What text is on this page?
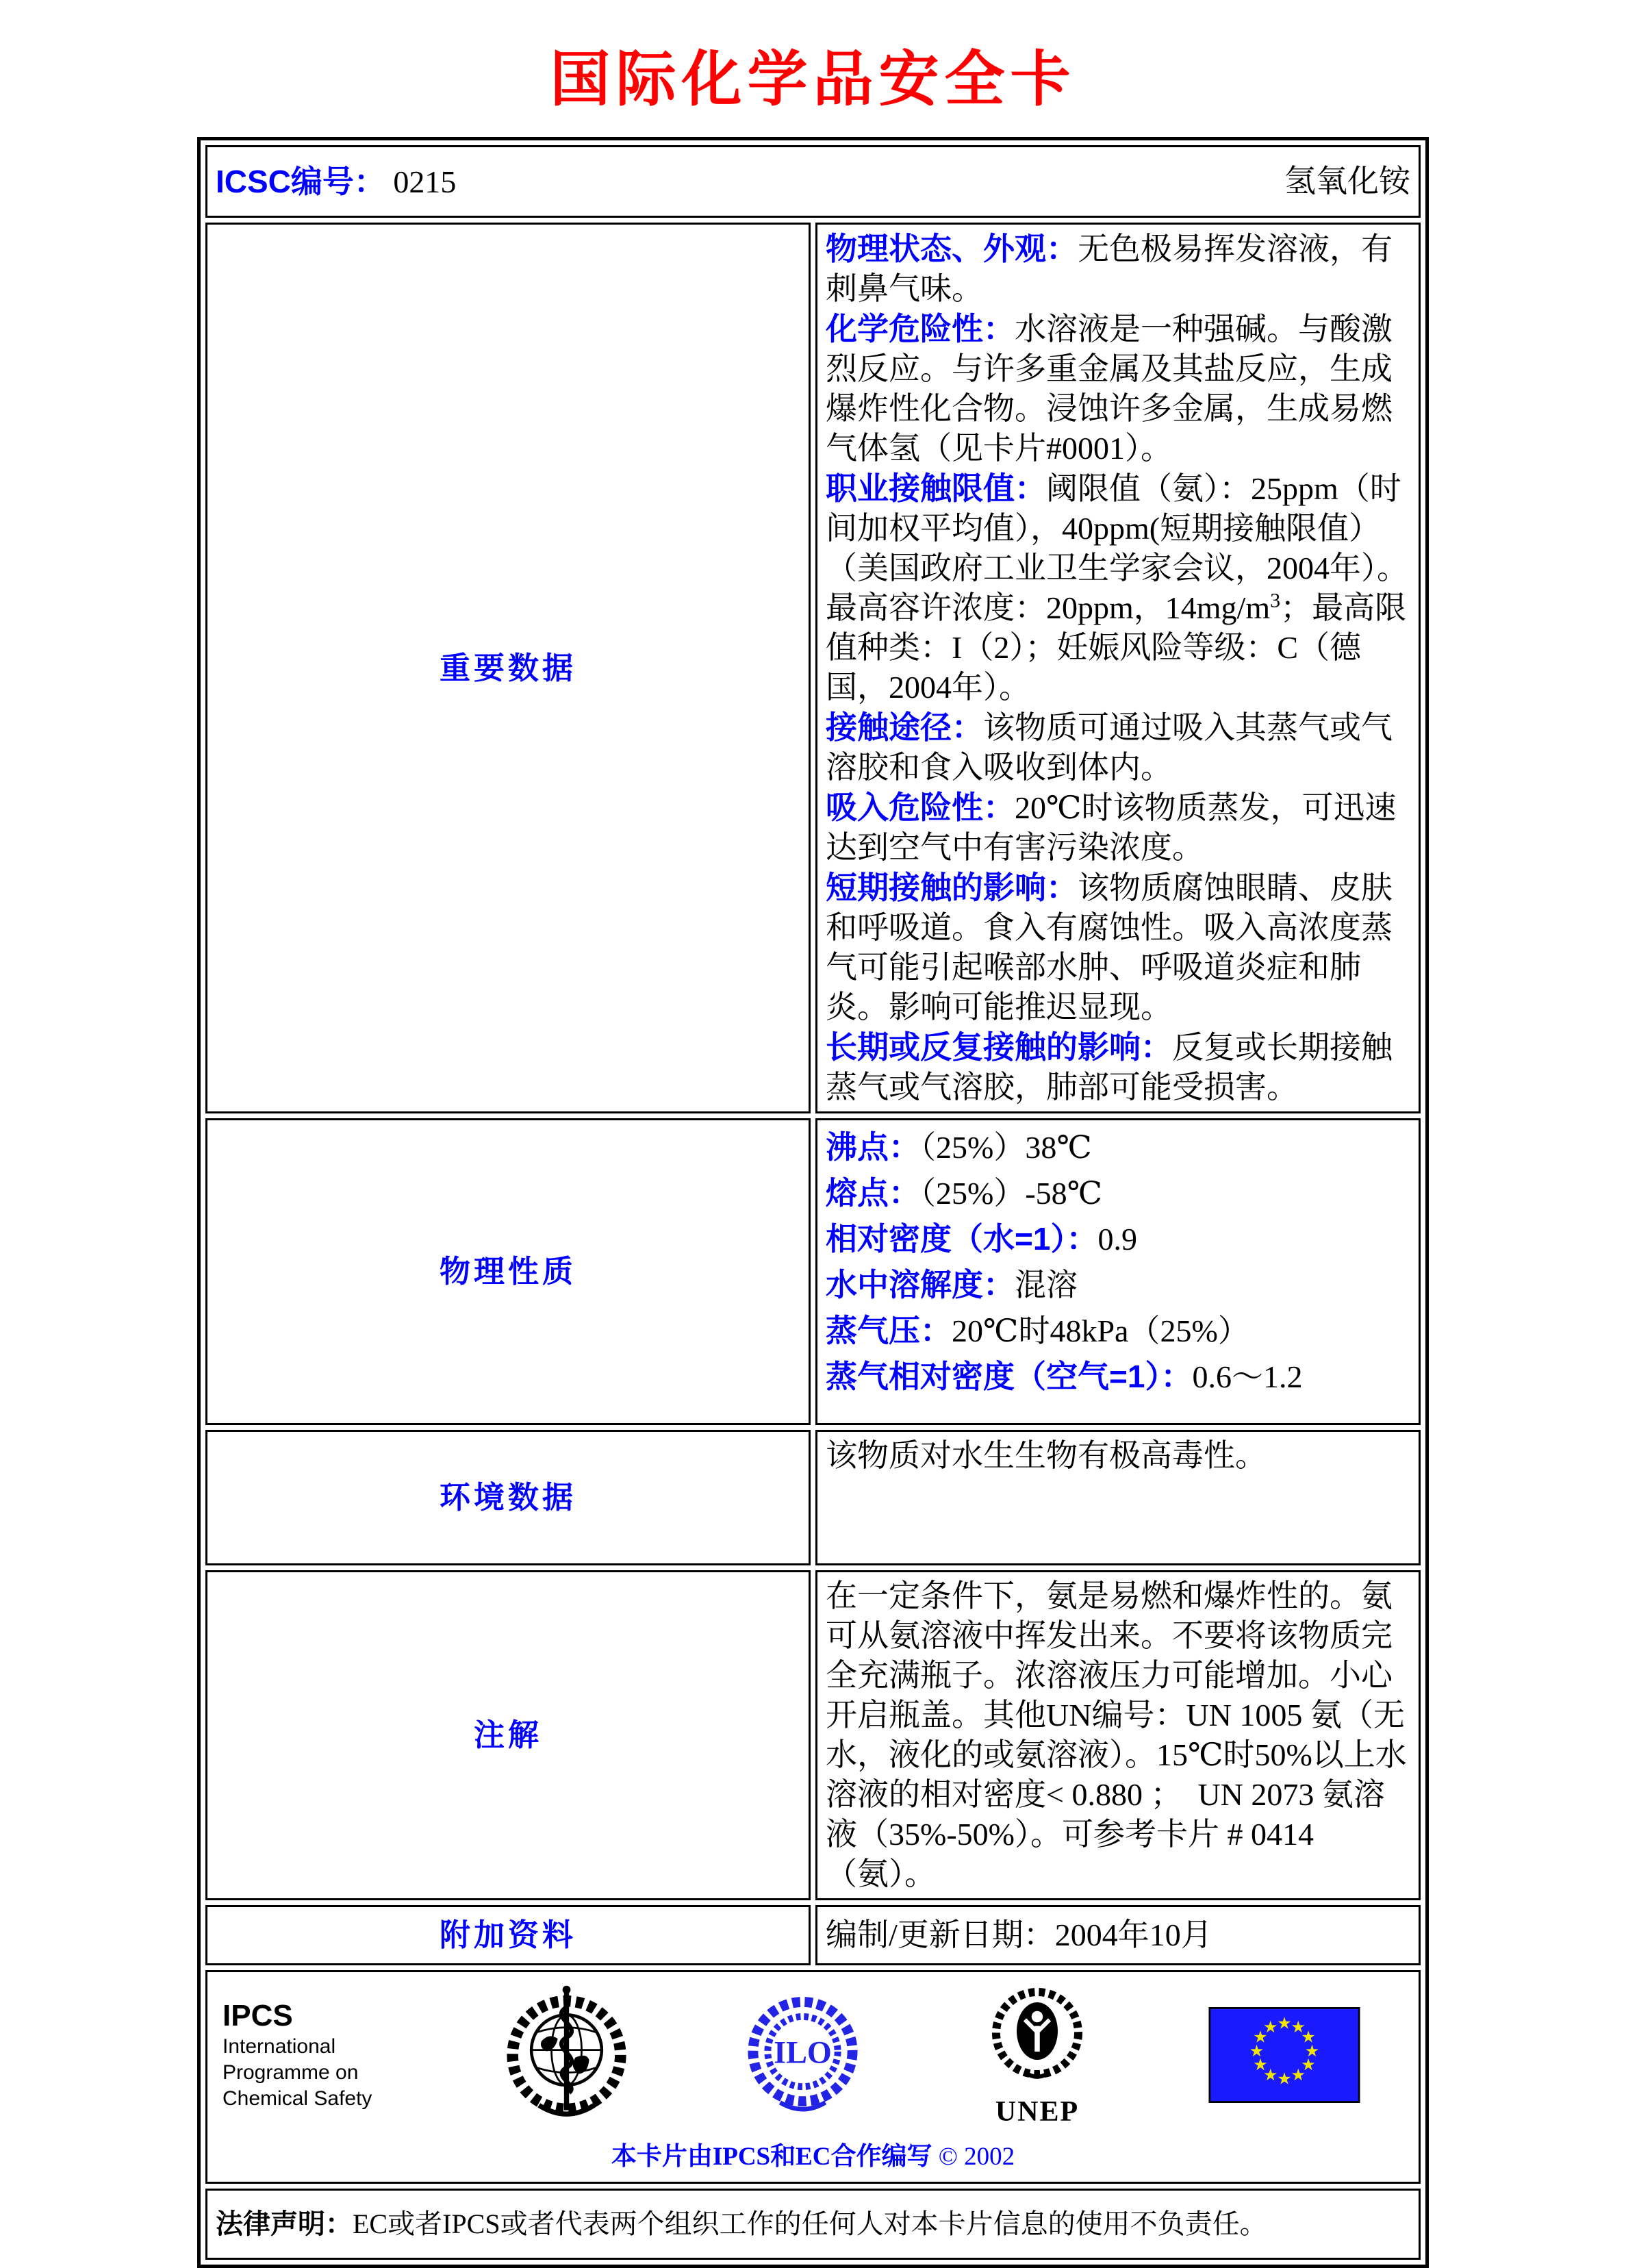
国际化学品安全卡
ICSC编号： 0215 氢氧化铵	

重要数据	
物理状态、外观：无色极易挥发溶液，有刺鼻气味。
化学危险性：水溶液是一种强碱。与酸激烈反应。与许多重金属及其盐反应，生成爆炸性化合物。浸蚀许多金属，生成易燃气体氢（见卡片#0001）。
职业接触限值：阈限值（氨）：25ppm（时间加权平均值），40ppm(短期接触限值）（美国政府工业卫生学家会议，2004年）。最高容许浓度：20ppm，$14mg/m^3$；最高限值种类：I（2）；妊娠风险等级：C（德国，2004年）。
接触途径：该物质可通过吸入其蒸气或气溶胶和食入吸收到体内。
吸入危险性：20℃时该物质蒸发，可迅速达到空气中有害污染浓度。
短期接触的影响：该物质腐蚀眼睛、皮肤和呼吸道。食入有腐蚀性。吸入高浓度蒸气可能引起喉部水肿、呼吸道炎症和肺炎。影响可能推迟显现。
长期或反复接触的影响：反复或长期接触蒸气或气溶胶，肺部可能受损害。

物理性质	
沸点：（25%）38℃
熔点：（25%）-58℃
相对密度（水=1）：0.9
水中溶解度：混溶
蒸气压：20℃时48kPa（25%）
蒸气相对密度（空气=1）：0.6～1.2

环境数据	该物质对水生生物有极高毒性。

注解	在一定条件下，氨是易燃和爆炸性的。氨可从氨溶液中挥发出来。不要将该物质完全充满瓶子。浓溶液压力可能增加。小心开启瓶盖。其他UN编号：UN 1005 氨（无水，液化的或氨溶液）。15℃时50%以上水溶液的相对密度< 0.880 ；  UN 2073 氨溶液（35%-50%）。可参考卡片 # 0414（氨）。

附加资料	编制/更新日期：2004年10月

IPCS
International
Programme on
Chemical Safety
ILO
UNEP
★
★
★
★
★
★
★
★
★
★
★
★
本卡片由IPCS和EC合作编写 © 2002

法律声明：EC或者IPCS或者代表两个组织工作的任何人对本卡片信息的使用不负责任。	
